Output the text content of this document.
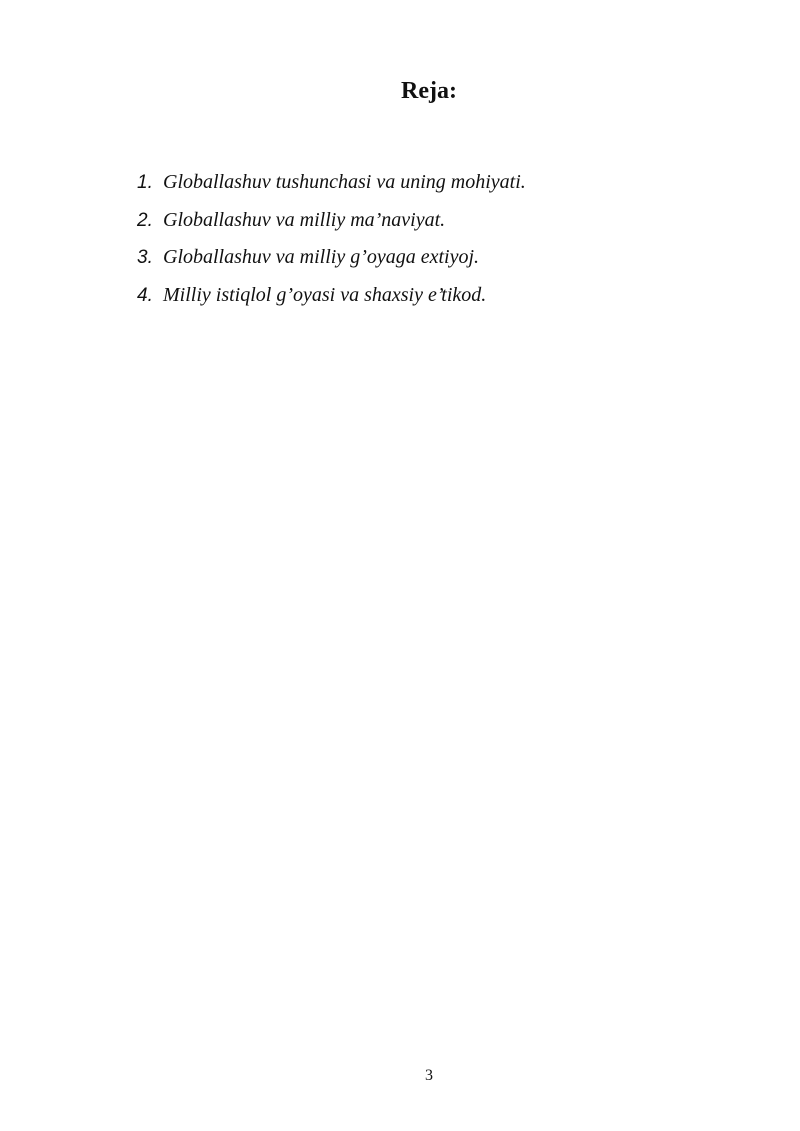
Reja:
1. Globallashuv tushunchasi va uning mohiyati.
2. Globallashuv va milliy ma’naviyat.
3. Globallashuv va milliy g’oyaga extiyoj.
4. Milliy istiqlol g’oyasi va shaxsiy e’tikod.
3
